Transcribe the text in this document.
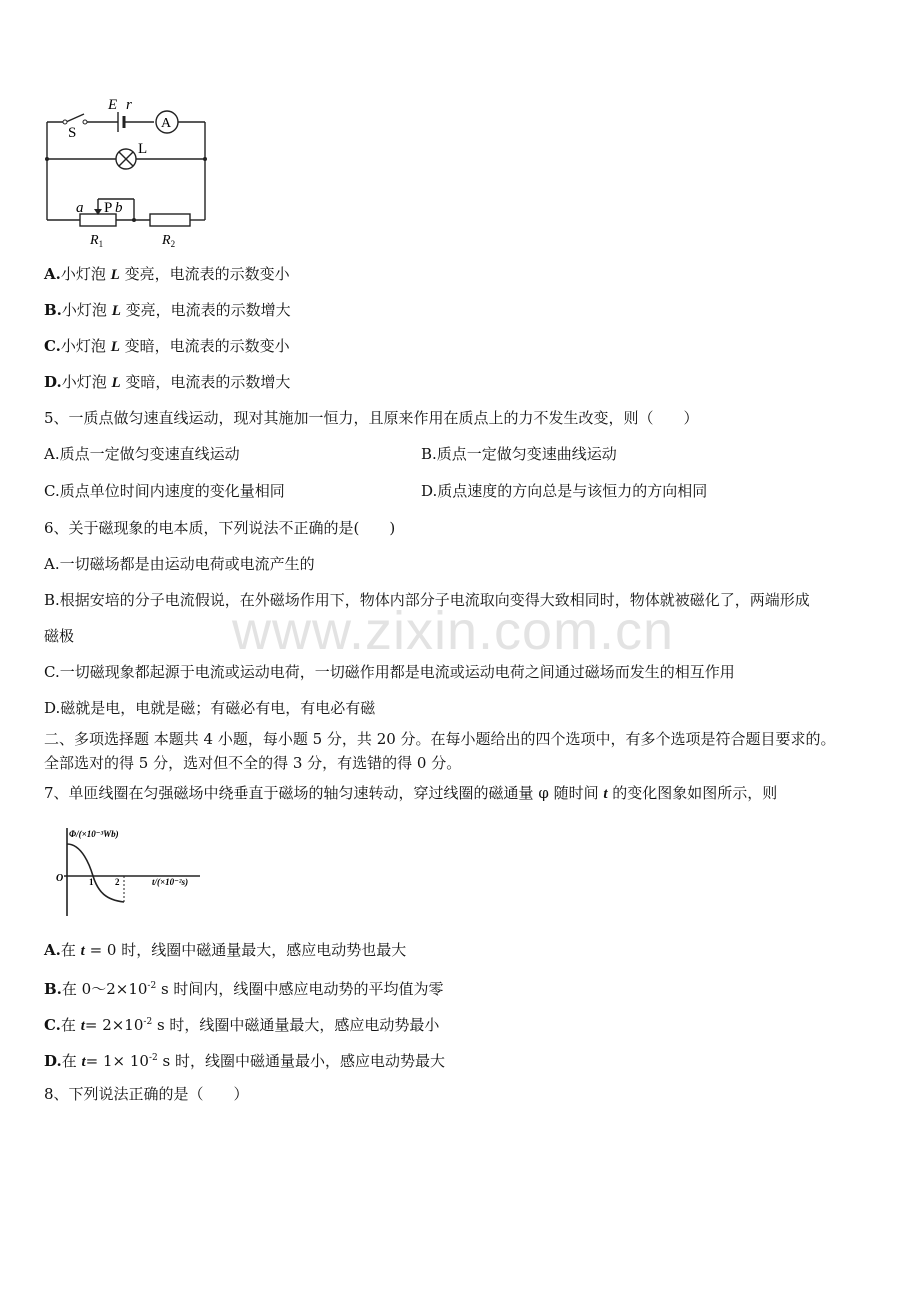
www.zixin.com.cn
S
E r
A
L
a P b
$R_1$	$R_2$
A.小灯泡 L 变亮，电流表的示数变小
B.小灯泡 L 变亮，电流表的示数增大
C.小灯泡 L 变暗，电流表的示数变小
D.小灯泡 L 变暗，电流表的示数增大
5、一质点做匀速直线运动，现对其施加一恒力，且原来作用在质点上的力不发生改变，则（　　）
A.质点一定做匀变速直线运动	B.质点一定做匀变速曲线运动
C.质点单位时间内速度的变化量相同	D.质点速度的方向总是与该恒力的方向相同
6、关于磁现象的电本质，下列说法不正确的是(　　)
A.一切磁场都是由运动电荷或电流产生的
B.根据安培的分子电流假说，在外磁场作用下，物体内部分子电流取向变得大致相同时，物体就被磁化了，两端形成
磁极
C.一切磁现象都起源于电流或运动电荷，一切磁作用都是电流或运动电荷之间通过磁场而发生的相互作用
D.磁就是电，电就是磁；有磁必有电，有电必有磁
二、多项选择题 本题共 4 小题，每小题 5 分，共 20 分。在每小题给出的四个选项中，有多个选项是符合题目要求的。
全部选对的得 5 分，选对但不全的得 3 分，有选错的得 0 分。
7、单匝线圈在匀强磁场中绕垂直于磁场的轴匀速转动，穿过线圈的磁通量 φ 随时间 t 的变化图象如图所示，则
Φ/(×10⁻³Wb)
t/(×10⁻²s)
O	1 2
A.在 t = 0 时，线圈中磁通量最大，感应电动势也最大
B.在 $0\sim 2\times 10^{-2}$ s 时间内，线圈中感应电动势的平均值为零
C.在 $t= 2\times 10^{-2}$ s 时，线圈中磁通量最大，感应电动势最小
D.在 $t= 1\times 10^{-2}$ s 时，线圈中磁通量最小，感应电动势最大
8、下列说法正确的是（　　）
